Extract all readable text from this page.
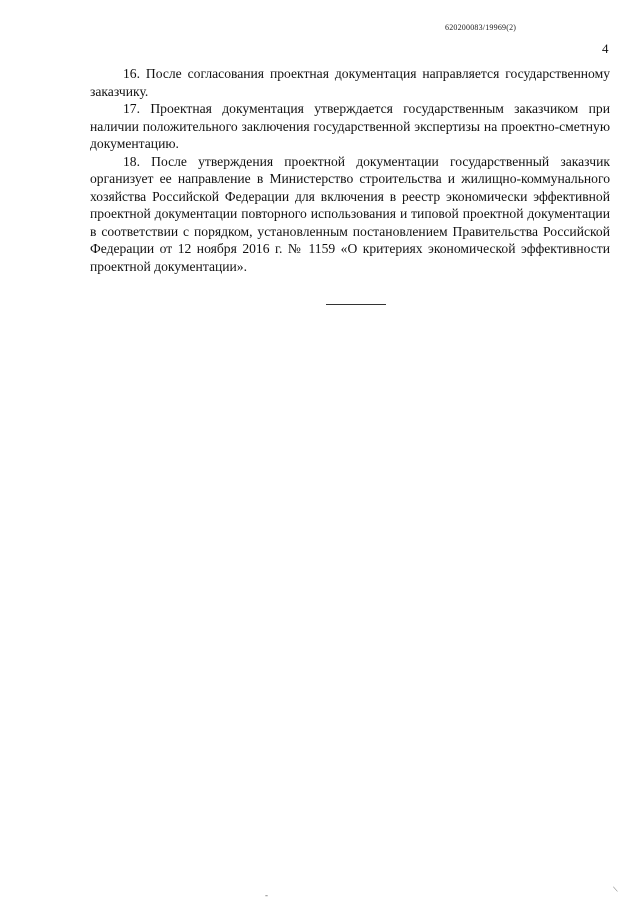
620200083/19969(2)
4

16. После согласования проектная документация направляется государственному заказчику.

17. Проектная документация утверждается государственным заказчиком при наличии положительного заключения государственной экспертизы на проектно-сметную документацию.

18. После утверждения проектной документации государственный заказчик организует ее направление в Министерство строительства и жилищно-коммунального хозяйства Российской Федерации для включения в реестр экономически эффективной проектной документации повторного использования и типовой проектной документации в соответствии с порядком, установленным постановлением Правительства Российской Федерации от 12 ноября 2016 г. № 1159 «О критериях экономической эффективности проектной документации».

-
/
